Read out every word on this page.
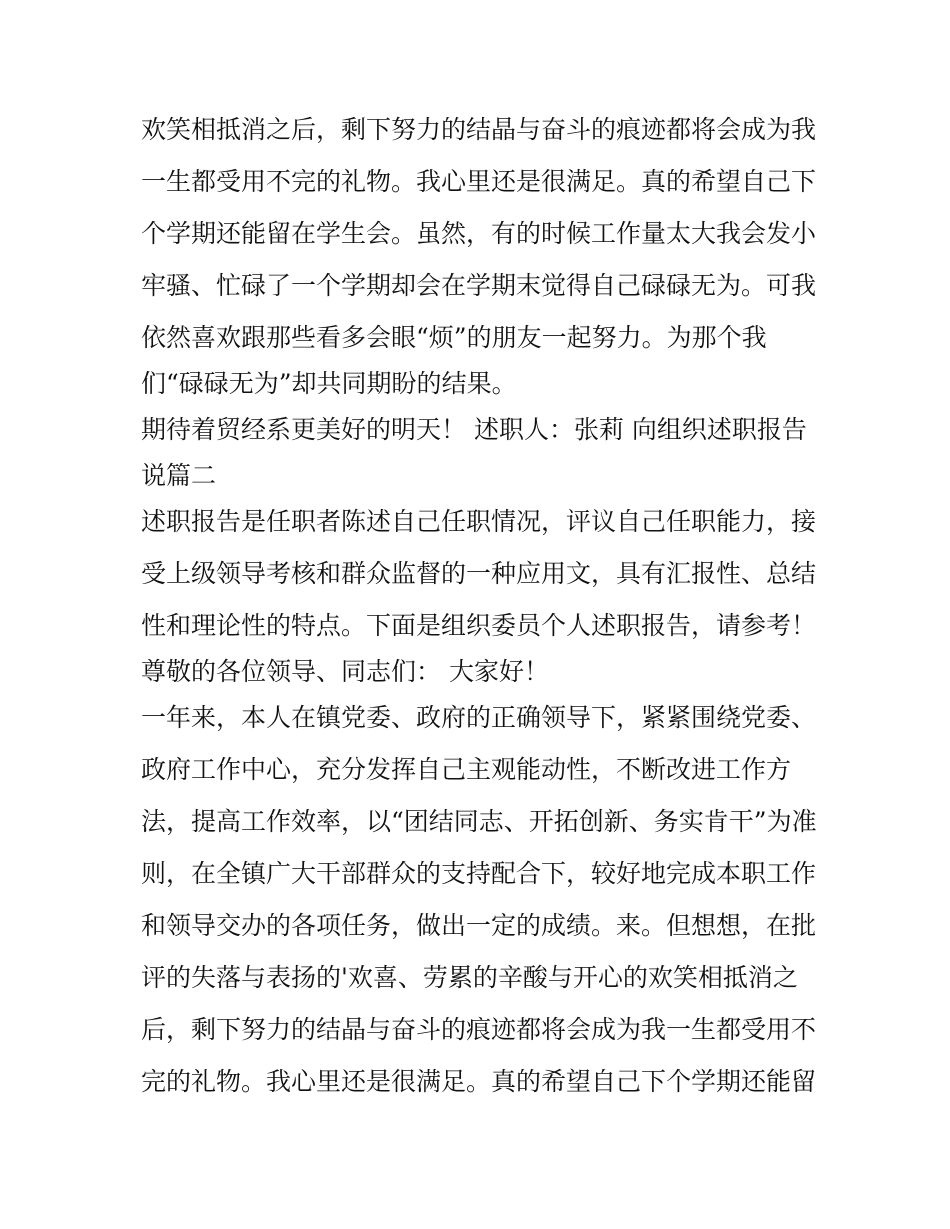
欢笑相抵消之后，剩下努力的结晶与奋斗的痕迹都将会成为我
一生都受用不完的礼物。我心里还是很满足。真的希望自己下
个学期还能留在学生会。虽然，有的时候工作量太大我会发小
牢骚、忙碌了一个学期却会在学期末觉得自己碌碌无为。可我
依然喜欢跟那些看多会眼“烦”的朋友一起努力。为那个我
们“碌碌无为”却共同期盼的结果。
期待着贸经系更美好的明天！ 述职人：张莉 向组织述职报告
说篇二
述职报告是任职者陈述自己任职情况，评议自己任职能力，接
受上级领导考核和群众监督的一种应用文，具有汇报性、总结
性和理论性的特点。下面是组织委员个人述职报告，请参考！
尊敬的各位领导、同志们： 大家好！
一年来，本人在镇党委、政府的正确领导下，紧紧围绕党委、
政府工作中心，充分发挥自己主观能动性，不断改进工作方
法，提高工作效率，以“团结同志、开拓创新、务实肯干”为准
则，在全镇广大干部群众的支持配合下，较好地完成本职工作
和领导交办的各项任务，做出一定的成绩。来。但想想，在批
评的失落与表扬的'欢喜、劳累的辛酸与开心的欢笑相抵消之
后，剩下努力的结晶与奋斗的痕迹都将会成为我一生都受用不
完的礼物。我心里还是很满足。真的希望自己下个学期还能留
